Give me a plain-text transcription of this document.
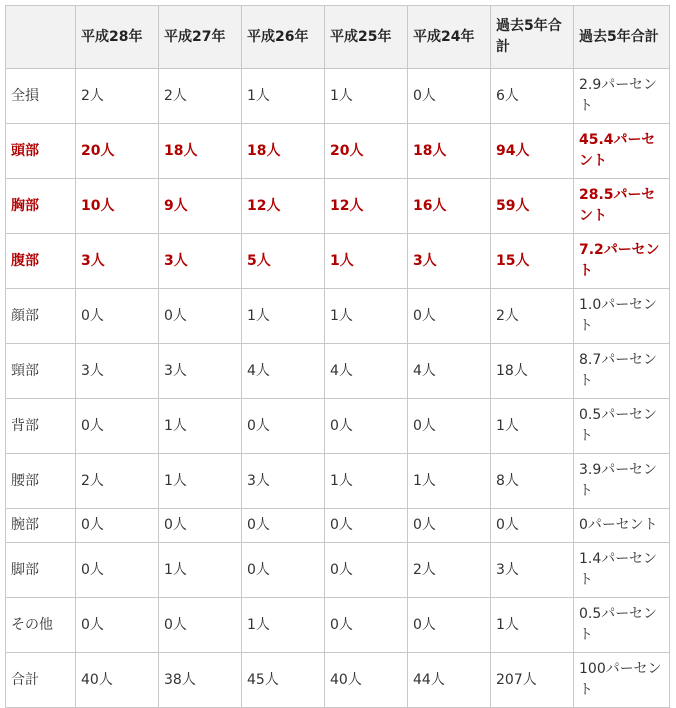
	平成28年	平成27年	平成26年	平成25年	平成24年	過去5年合計	過去5年合計
全損	2人	2人	1人	1人	0人	6人	2.9パーセント
頭部	20人	18人	18人	20人	18人	94人	45.4パーセント
胸部	10人	9人	12人	12人	16人	59人	28.5パーセント
腹部	3人	3人	5人	1人	3人	15人	7.2パーセント
顔部	0人	0人	1人	1人	0人	2人	1.0パーセント
頸部	3人	3人	4人	4人	4人	18人	8.7パーセント
背部	0人	1人	0人	0人	0人	1人	0.5パーセント
腰部	2人	1人	3人	1人	1人	8人	3.9パーセント
腕部	0人	0人	0人	0人	0人	0人	0パーセント
脚部	0人	1人	0人	0人	2人	3人	1.4パーセント
その他	0人	0人	1人	0人	0人	1人	0.5パーセント
合計	40人	38人	45人	40人	44人	207人	100パーセント
